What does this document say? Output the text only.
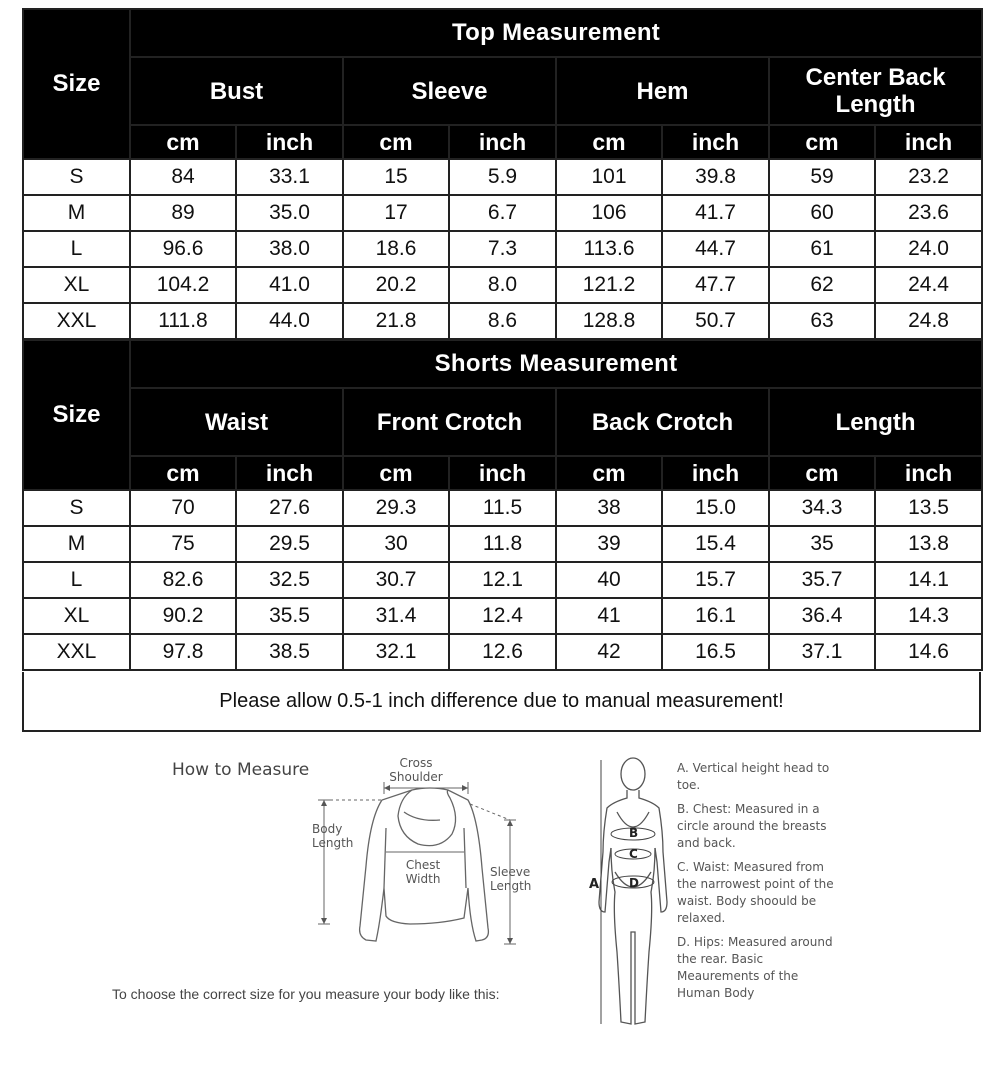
Size	Top Measurement							
	Bust		Sleeve		Hem		Center Back Length	
	cm	inch	cm	inch	cm	inch	cm	inch
S	84	33.1	15	5.9	101	39.8	59	23.2
M	89	35.0	17	6.7	106	41.7	60	23.6
L	96.6	38.0	18.6	7.3	113.6	44.7	61	24.0
XL	104.2	41.0	20.2	8.0	121.2	47.7	62	24.4
XXL	111.8	44.0	21.8	8.6	128.8	50.7	63	24.8
Size	Shorts Measurement							
	Waist		Front Crotch		Back Crotch		Length	
	cm	inch	cm	inch	cm	inch	cm	inch
S	70	27.6	29.3	11.5	38	15.0	34.3	13.5
M	75	29.5	30	11.8	39	15.4	35	13.8
L	82.6	32.5	30.7	12.1	40	15.7	35.7	14.1
XL	90.2	35.5	31.4	12.4	41	16.1	36.4	14.3
XXL	97.8	38.5	32.1	12.6	42	16.5	37.1	14.6
Please allow 0.5-1 inch difference due to manual measurement!
How to Measure	Cross Shoulder
Body Length
Chest Width	Sleeve Length
To choose the correct size for you measure your body like this:
A
B
C
D

A. Vertical height head to toe.

B. Chest: Measured in a circle around the breasts and back.

C. Waist: Measured from the narrowest point of the waist. Body shoould be relaxed.

D. Hips: Measured around the rear. Basic Meaurements of the Human Body
